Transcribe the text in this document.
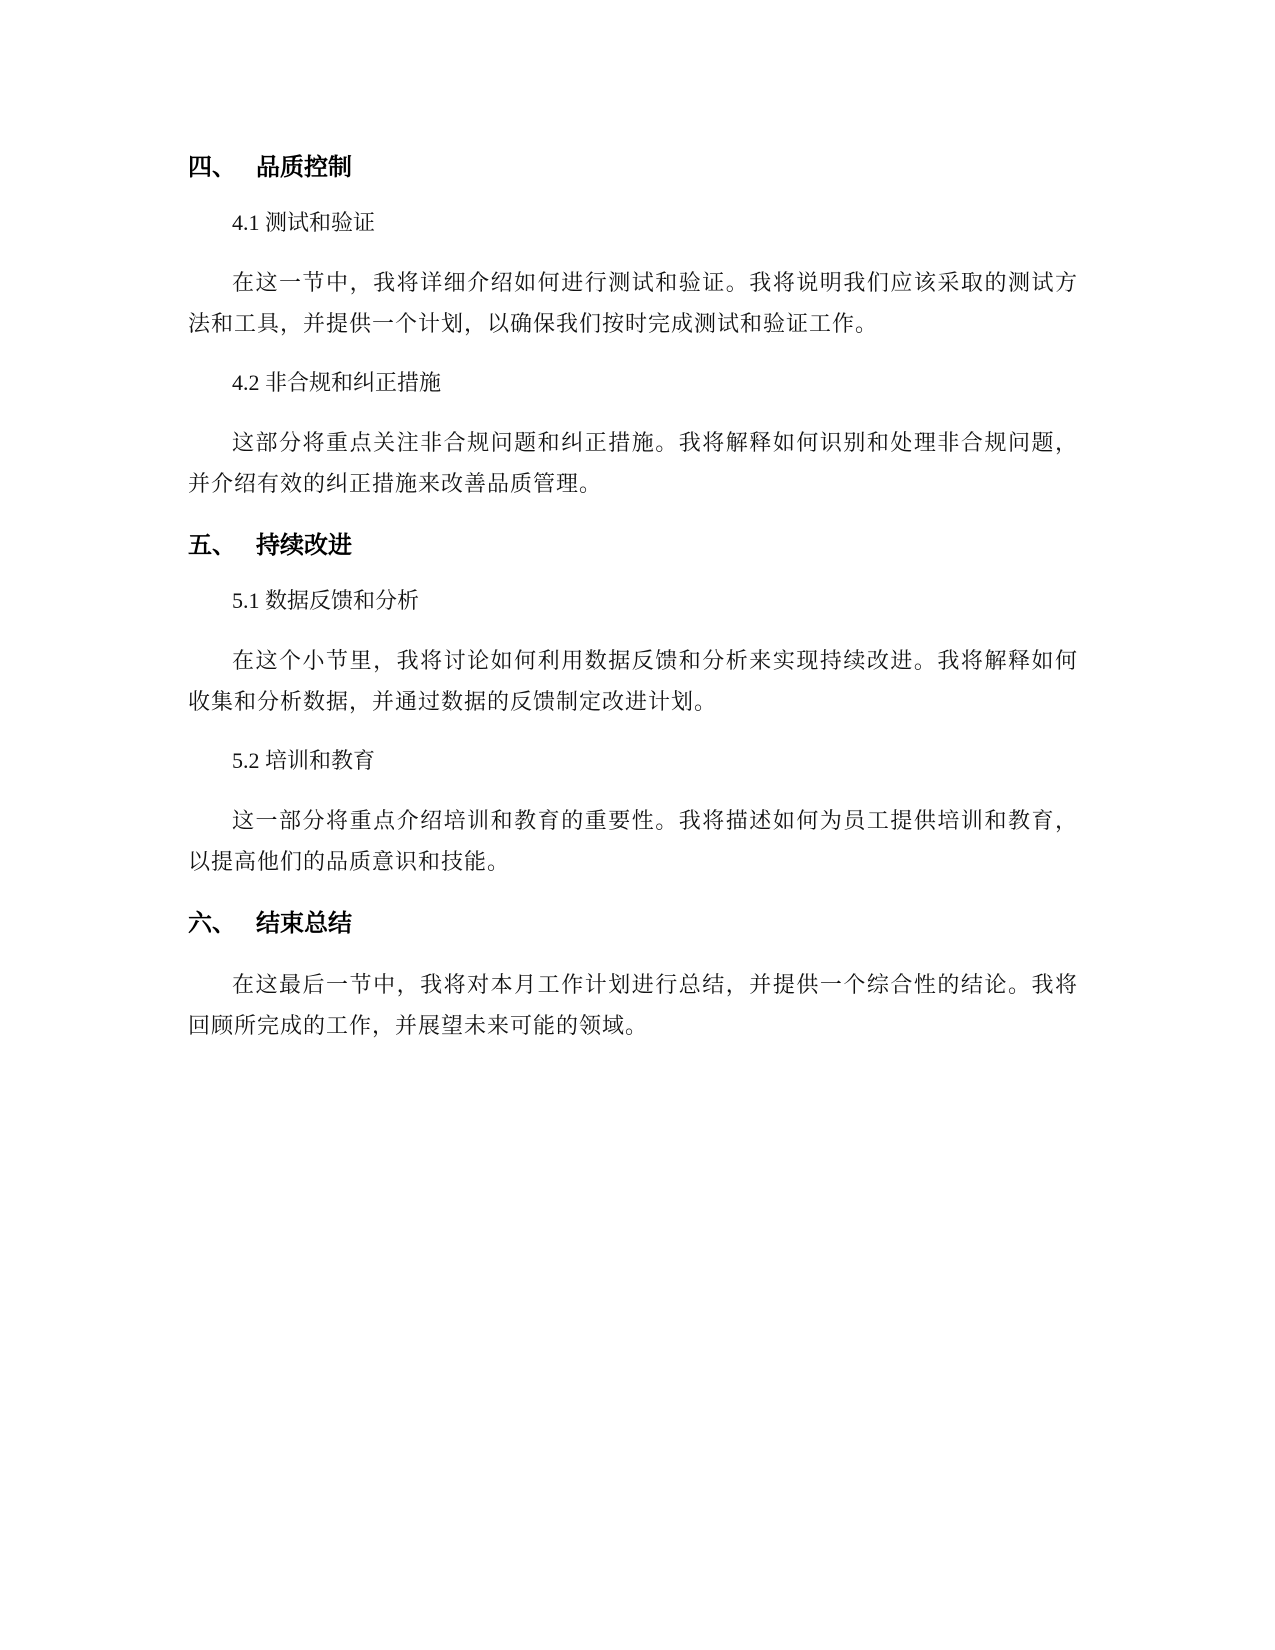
四、 品质控制
4.1 测试和验证

在这一节中，我将详细介绍如何进行测试和验证。我将说明我们应该采取的测试方法和工具，并提供一个计划，以确保我们按时完成测试和验证工作。

4.2 非合规和纠正措施

这部分将重点关注非合规问题和纠正措施。我将解释如何识别和处理非合规问题，并介绍有效的纠正措施来改善品质管理。

五、 持续改进
5.1 数据反馈和分析

在这个小节里，我将讨论如何利用数据反馈和分析来实现持续改进。我将解释如何收集和分析数据，并通过数据的反馈制定改进计划。

5.2 培训和教育

这一部分将重点介绍培训和教育的重要性。我将描述如何为员工提供培训和教育，以提高他们的品质意识和技能。

六、 结束总结

在这最后一节中，我将对本月工作计划进行总结，并提供一个综合性的结论。我将回顾所完成的工作，并展望未来可能的领域。
